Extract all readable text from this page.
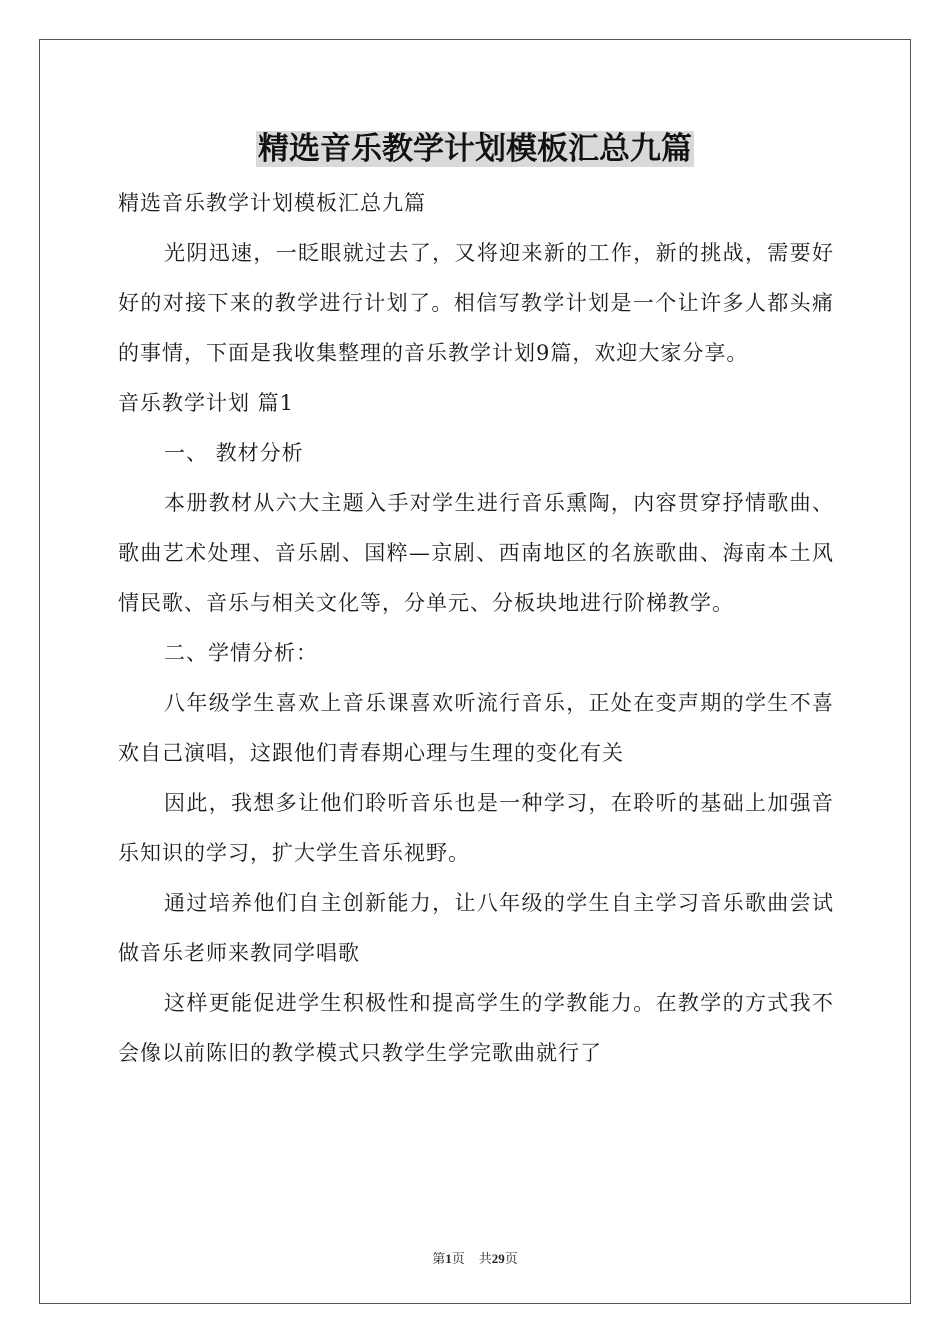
精选音乐教学计划模板汇总九篇

精选音乐教学计划模板汇总九篇

光阴迅速，一眨眼就过去了，又将迎来新的工作，新的挑战，需要好好的对接下来的教学进行计划了。相信写教学计划是一个让许多人都头痛的事情，下面是我收集整理的音乐教学计划9篇，欢迎大家分享。

音乐教学计划 篇1

一、 教材分析

本册教材从六大主题入手对学生进行音乐熏陶，内容贯穿抒情歌曲、歌曲艺术处理、音乐剧、国粹—京剧、西南地区的名族歌曲、海南本土风情民歌、音乐与相关文化等，分单元、分板块地进行阶梯教学。

二、学情分析：

八年级学生喜欢上音乐课喜欢听流行音乐，正处在变声期的学生不喜欢自己演唱，这跟他们青春期心理与生理的变化有关

因此，我想多让他们聆听音乐也是一种学习，在聆听的基础上加强音乐知识的学习，扩大学生音乐视野。

通过培养他们自主创新能力，让八年级的学生自主学习音乐歌曲尝试做音乐老师来教同学唱歌

这样更能促进学生积极性和提高学生的学教能力。在教学的方式我不会像以前陈旧的教学模式只教学生学完歌曲就行了

第1页 共29页
